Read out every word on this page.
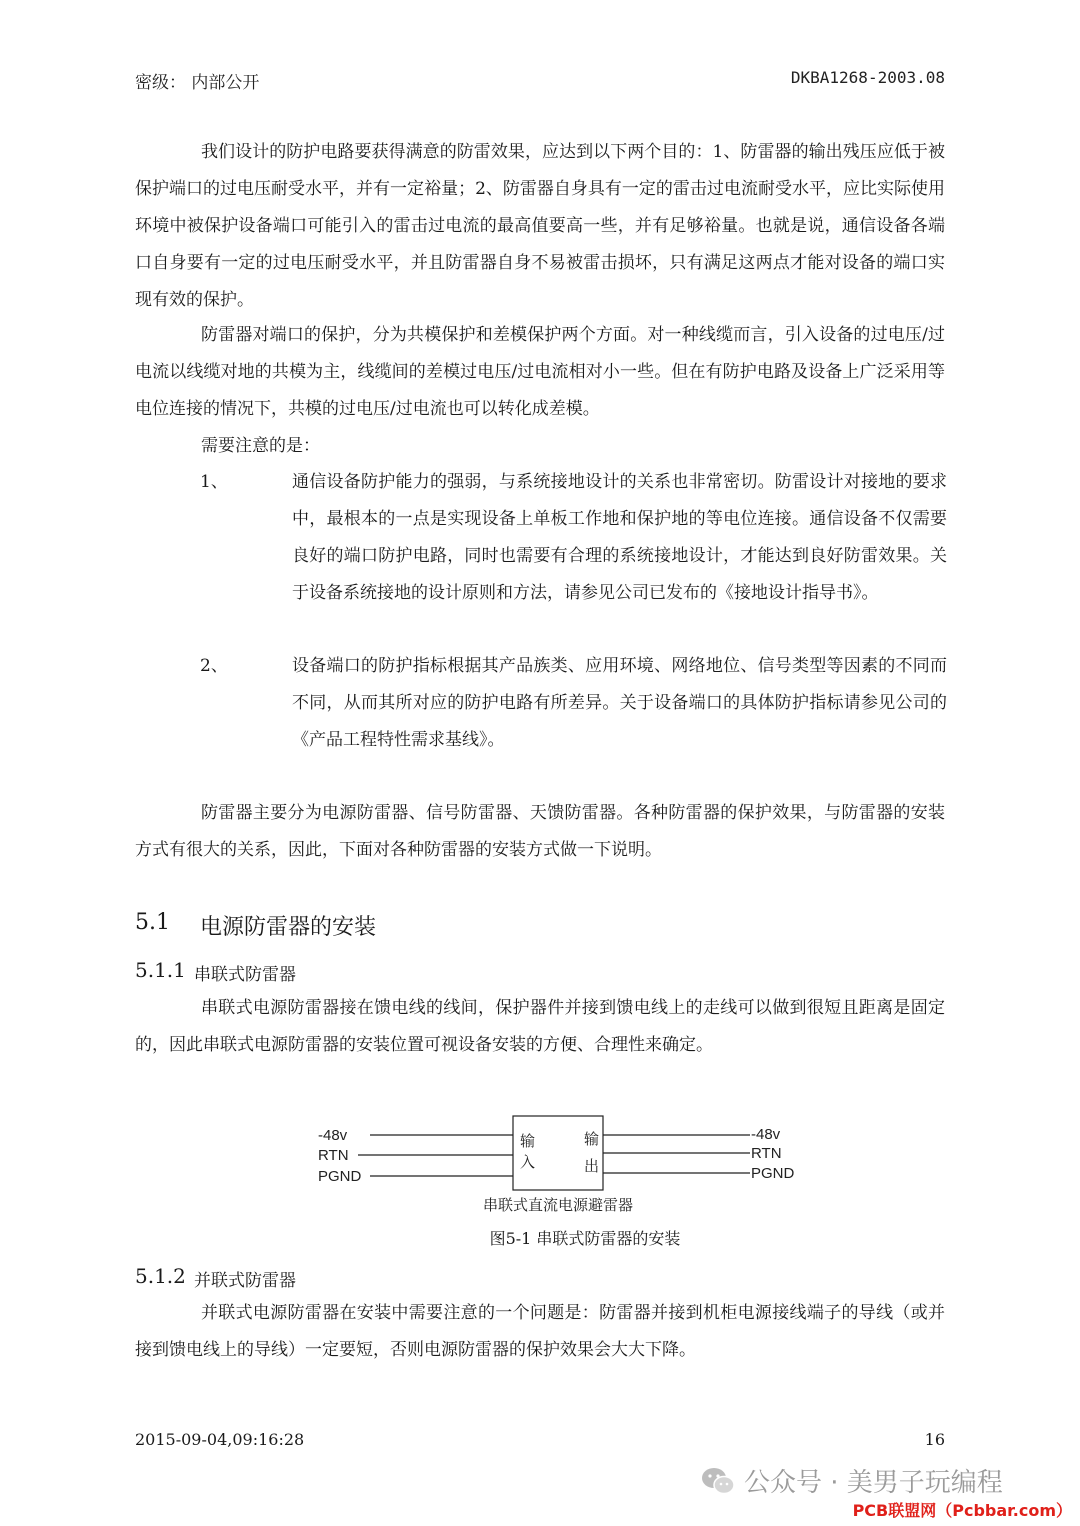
密级： 内部公开	DKBA1268-2003.08
我们设计的防护电路要获得满意的防雷效果，应达到以下两个目的：1、防雷器的输出残压应低于被保护端口的过电压耐受水平，并有一定裕量；2、防雷器自身具有一定的雷击过电流耐受水平，应比实际使用环境中被保护设备端口可能引入的雷击过电流的最高值要高一些，并有足够裕量。也就是说，通信设备各端口自身要有一定的过电压耐受水平，并且防雷器自身不易被雷击损坏，只有满足这两点才能对设备的端口实现有效的保护。
防雷器对端口的保护，分为共模保护和差模保护两个方面。对一种线缆而言，引入设备的过电压/过电流以线缆对地的共模为主，线缆间的差模过电压/过电流相对小一些。但在有防护电路及设备上广泛采用等电位连接的情况下，共模的过电压/过电流也可以转化成差模。
需要注意的是：
1、	通信设备防护能力的强弱，与系统接地设计的关系也非常密切。防雷设计对接地的要求中，最根本的一点是实现设备上单板工作地和保护地的等电位连接。通信设备不仅需要良好的端口防护电路，同时也需要有合理的系统接地设计，才能达到良好防雷效果。关于设备系统接地的设计原则和方法，请参见公司已发布的《接地设计指导书》。
2、	设备端口的防护指标根据其产品族类、应用环境、网络地位、信号类型等因素的不同而不同，从而其所对应的防护电路有所差异。关于设备端口的具体防护指标请参见公司的《产品工程特性需求基线》。
防雷器主要分为电源防雷器、信号防雷器、天馈防雷器。各种防雷器的保护效果，与防雷器的安装方式有很大的关系，因此，下面对各种防雷器的安装方式做一下说明。
5.1 电源防雷器的安装
5.1.1 串联式防雷器
串联式电源防雷器接在馈电线的线间，保护器件并接到馈电线上的走线可以做到很短且距离是固定的，因此串联式电源防雷器的安装位置可视设备安装的方便、合理性来确定。
-48v
RTN
PGND
-48v
RTN
PGND
输
入
输
出
串联式直流电源避雷器
图5-1 串联式防雷器的安装
5.1.2 并联式防雷器
并联式电源防雷器在安装中需要注意的一个问题是：防雷器并接到机柜电源接线端子的导线（或并接到馈电线上的导线）一定要短，否则电源防雷器的保护效果会大大下降。
2015-09-04,09:16:28	16
公众号 · 美男子玩编程
PCB联盟网（Pcbbar.com）
